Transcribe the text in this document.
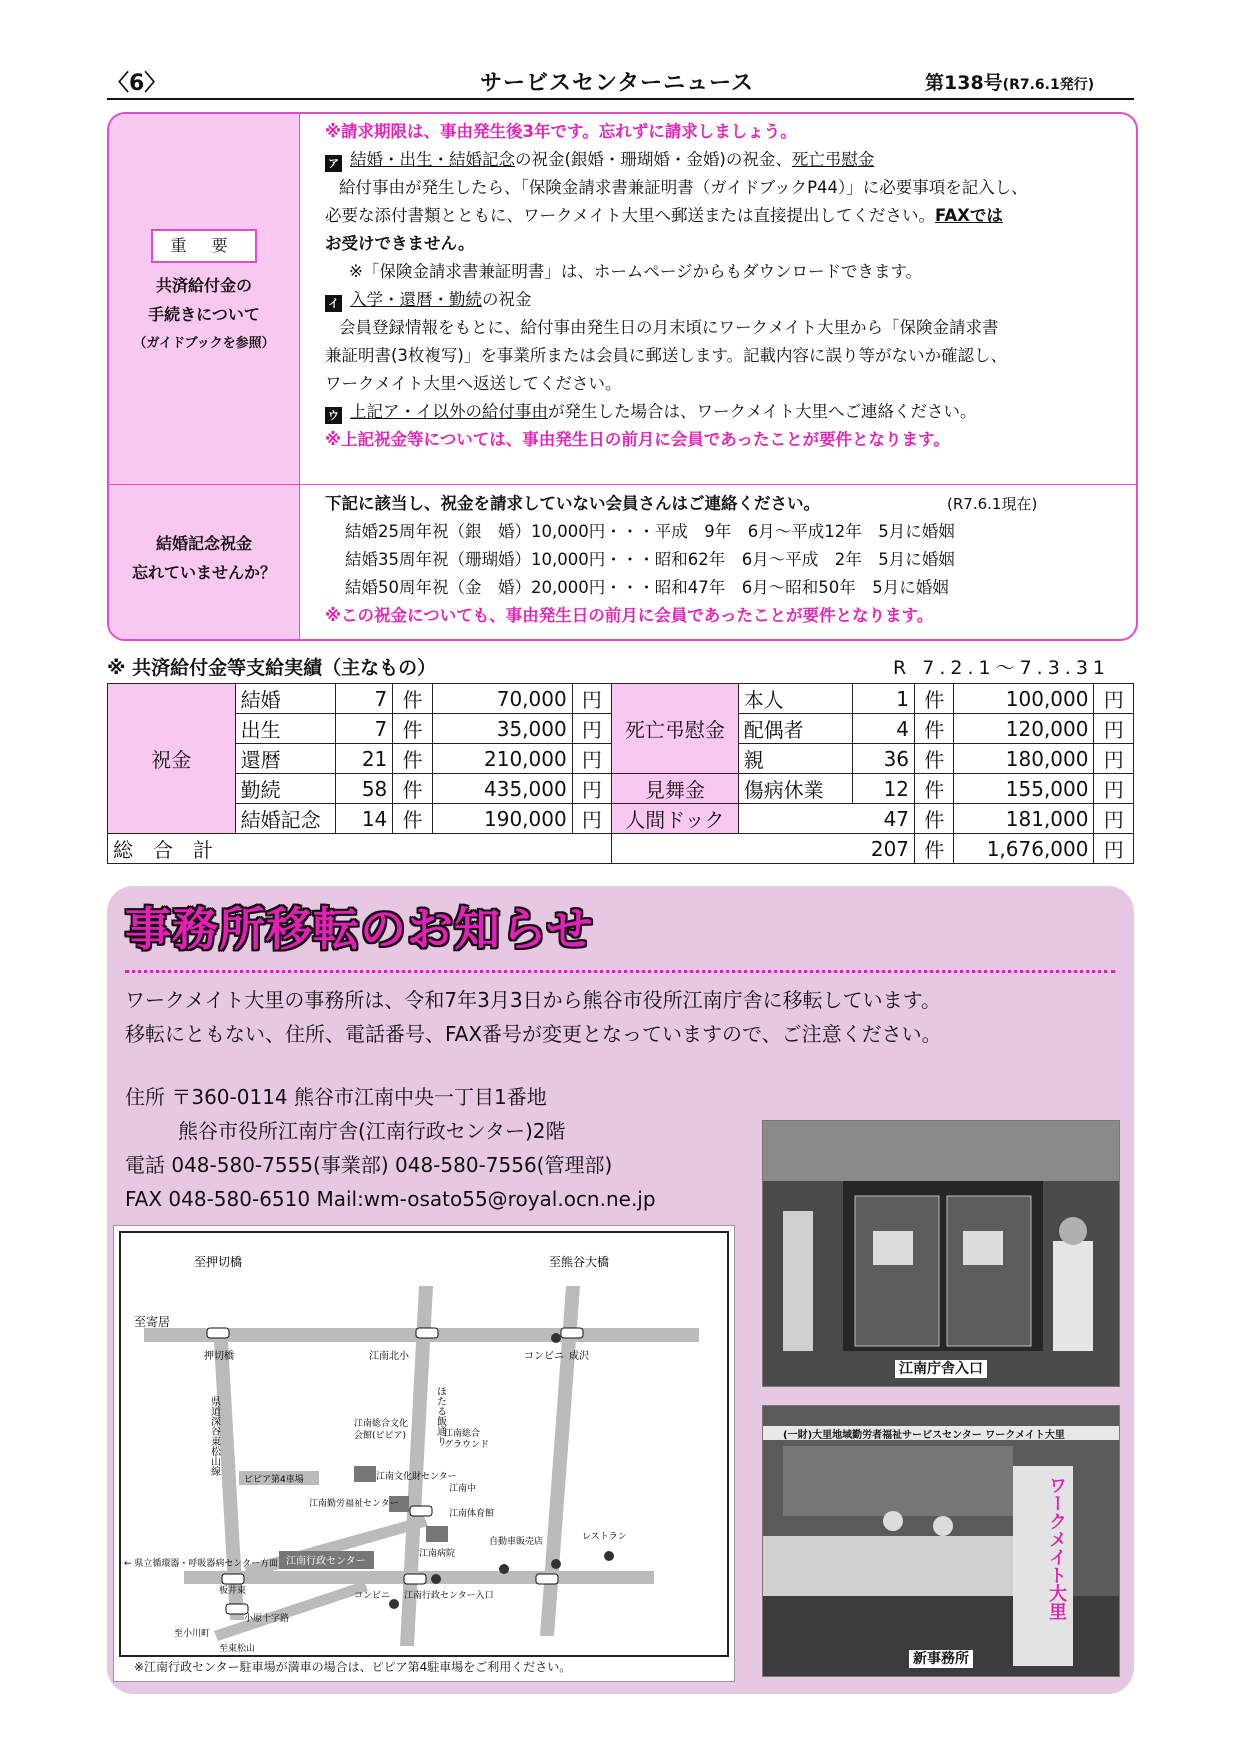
〈6〉	サービスセンターニュース	第138号(R7.6.1発行)
重 要
共済給付金の
手続きについて
（ガイドブックを参照）
結婚記念祝金
忘れていませんか？
※請求期限は、事由発生後3年です。忘れずに請求しましょう。
ア 結婚・出生・結婚記念の祝金(銀婚・珊瑚婚・金婚)の祝金、死亡弔慰金
給付事由が発生したら、「保険金請求書兼証明書（ガイドブックP44）」に必要事項を記入し、
必要な添付書類とともに、ワークメイト大里へ郵送または直接提出してください。FAXでは
お受けできません。
※「保険金請求書兼証明書」は、ホームページからもダウンロードできます。
イ 入学・還暦・勤続の祝金
会員登録情報をもとに、給付事由発生日の月末頃にワークメイト大里から「保険金請求書
兼証明書(3枚複写)」を事業所または会員に郵送します。記載内容に誤り等がないか確認し、
ワークメイト大里へ返送してください。
ウ 上記ア・イ以外の給付事由が発生した場合は、ワークメイト大里へご連絡ください。
※上記祝金等については、事由発生日の前月に会員であったことが要件となります。
下記に該当し、祝金を請求していない会員さんはご連絡ください。	(R7.6.1現在)
結婚25周年祝（銀　婚）10,000円・・・平成　9年　6月～平成12年　5月に婚姻
結婚35周年祝（珊瑚婚）10,000円・・・昭和62年　6月～平成　2年　5月に婚姻
結婚50周年祝（金　婚）20,000円・・・昭和47年　6月～昭和50年　5月に婚姻
※この祝金についても、事由発生日の前月に会員であったことが要件となります。
※ 共済給付金等支給実績（主なもの）	R 7.2.1～7.3.31
祝金	結婚	7	件	70,000	円	死亡弔慰金	本人	1	件	100,000	円
	出生	7	件	35,000	円		配偶者	4	件	120,000	円
	還暦	21	件	210,000	円		親	36	件	180,000	円
	勤続	58	件	435,000	円	見舞金	傷病休業	12	件	155,000	円
	結婚記念	14	件	190,000	円	人間ドック	47		件	181,000	円
総　合　計						207			件	1,676,000	円
事務所移転のお知らせ
ワークメイト大里の事務所は、令和7年3月3日から熊谷市役所江南庁舎に移転しています。
移転にともない、住所、電話番号、FAX番号が変更となっていますので、ご注意ください。
住所 〒360-0114 熊谷市江南中央一丁目1番地
熊谷市役所江南庁舎(江南行政センター)2階
電話 048-580-7555(事業部) 048-580-7556(管理部)
FAX 048-580-6510 Mail:wm-osato55@royal.ocn.ne.jp
江南庁舎入口
(一財)大里地域勤労者福祉サービスセンター ワークメイト大里
ワークメイト大里
新事務所
至押切橋	至熊谷大橋
至寄居
押切橋	江南北小	コンビニ 成沢
県道深谷東松山線	ほたる飯通り
江南総合文化
会館(ピピア)	江南総合
グラウンド
ピピア第4車場	江南文化財センター
江南中
江南勤労福祉センター
江南体育館
江南行政センター
自動車販売店	レストラン
江南病院
← 県立循環器・呼吸器病センター方面
板井東	コンビニ 江南行政センター入口
小原十字路
至小川町
至東松山
※江南行政センター駐車場が満車の場合は、ピピア第4駐車場をご利用ください。
